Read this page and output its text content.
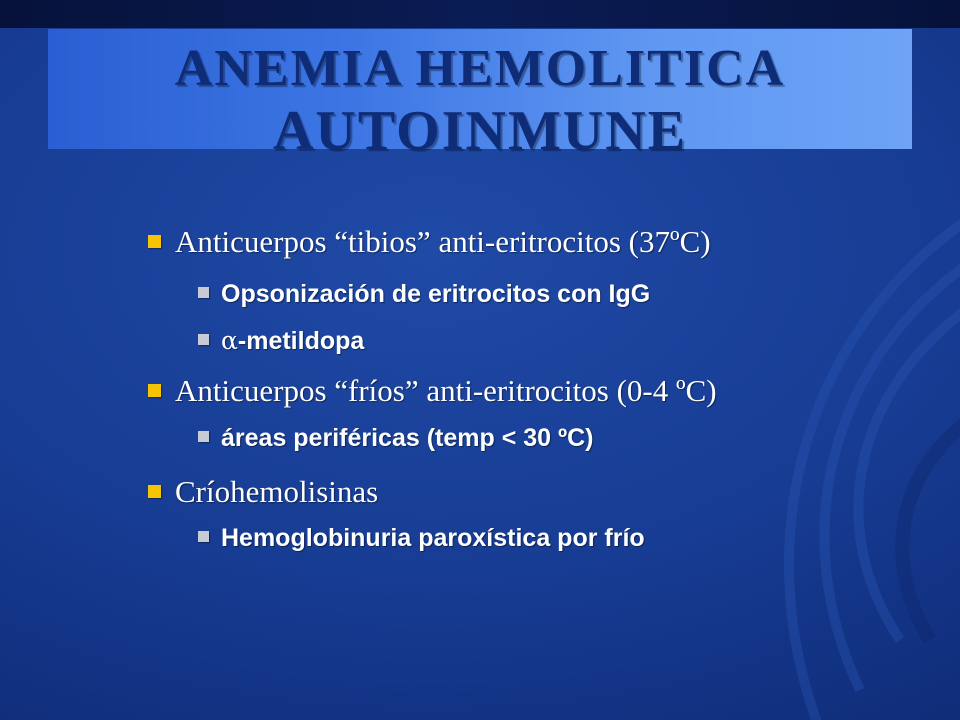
ANEMIA HEMOLITICA
AUTOINMUNE
Anticuerpos “tibios” anti-eritrocitos (37ºC)
Opsonización de eritrocitos con IgG
α-metildopa
Anticuerpos “fríos” anti-eritrocitos (0-4 ºC)
áreas periféricas (temp < 30 ºC)
Críohemolisinas
Hemoglobinuria paroxística por frío
